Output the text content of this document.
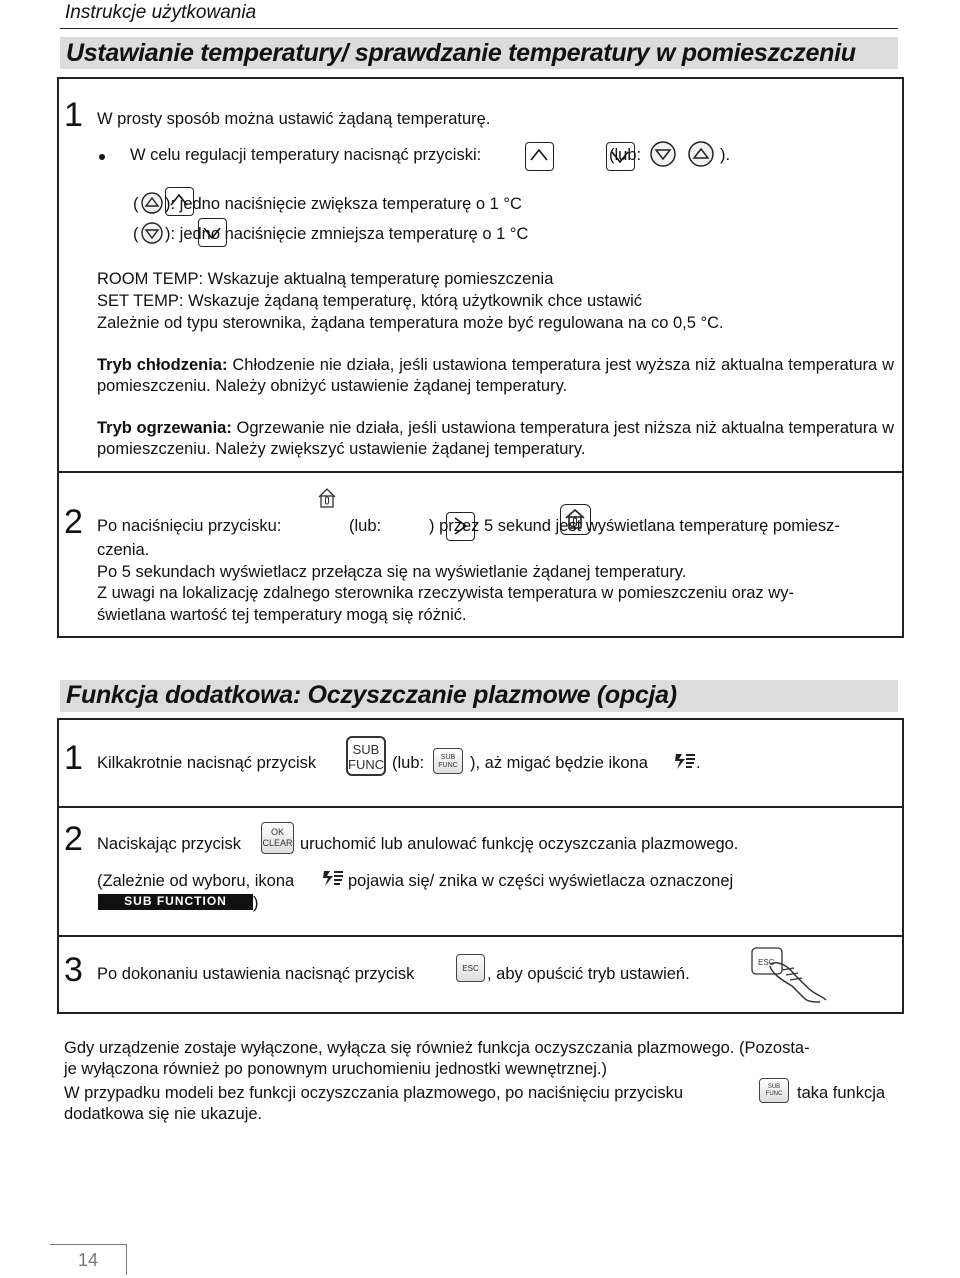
Instrukcje użytkowania
Ustawianie temperatury/ sprawdzanie temperatury w pomieszczeniu
1 W prosty sposób można ustawić żądaną temperaturę.
W celu regulacji temperatury nacisnąć przyciski:

	(lub:	).

( ): jedno naciśnięcie zwiększa temperaturę o 1 °C

( ): jedno naciśnięcie zmniejsza temperaturę o 1 °C
ROOM TEMP: Wskazuje aktualną temperaturę pomieszczenia
SET TEMP: Wskazuje żądaną temperaturę, którą użytkownik chce ustawić
Zależnie od typu sterownika, żądana temperatura może być regulowana na co 0,5 °C.
Tryb chłodzenia: Chłodzenie nie działa, jeśli ustawiona temperatura jest wyższa niż aktualna temperatura w pomieszczeniu. Należy obniżyć ustawienie żądanej temperatury.
Tryb ogrzewania: Ogrzewanie nie działa, jeśli ustawiona temperatura jest niższa niż aktualna temperatura w pomieszczeniu. Należy zwiększyć ustawienie żądanej temperatury.
2 Po naciśnięciu przycisku:
	(lub:	) przez 5 sekund jest wyświetlana temperaturę pomiesz-
czenia.
Po 5 sekundach wyświetlacz przełącza się na wyświetlanie żądanej temperatury.
Z uwagi na lokalizację zdalnego sterownika rzeczywista temperatura w pomieszczeniu oraz wy-
świetlana wartość tej temperatury mogą się różnić.
Funkcja dodatkowa: Oczyszczanie plazmowe (opcja)
1 Kilkakrotnie nacisnąć przycisk
SUB
FUNC (lub:	SUB
FUNC ), aż migać będzie ikona	.
2 Naciskając przycisk
OK
CLEAR uruchomić lub anulować funkcję oczyszczania plazmowego.
(Zależnie od wyboru, ikona	pojawia się/ znika w części wyświetlacza oznaczonej
SUB FUNCTION	)
3 Po dokonaniu ustawienia nacisnąć przycisk	ESC , aby opuścić tryb ustawień.
ESC
Gdy urządzenie zostaje wyłączone, wyłącza się również funkcja oczyszczania plazmowego. (Pozosta-
je wyłączona również po ponownym uruchomieniu jednostki wewnętrznej.)
W przypadku modeli bez funkcji oczyszczania plazmowego, po naciśnięciu przycisku	SUB
FUNC taka funkcja
dodatkowa się nie ukazuje.
14
